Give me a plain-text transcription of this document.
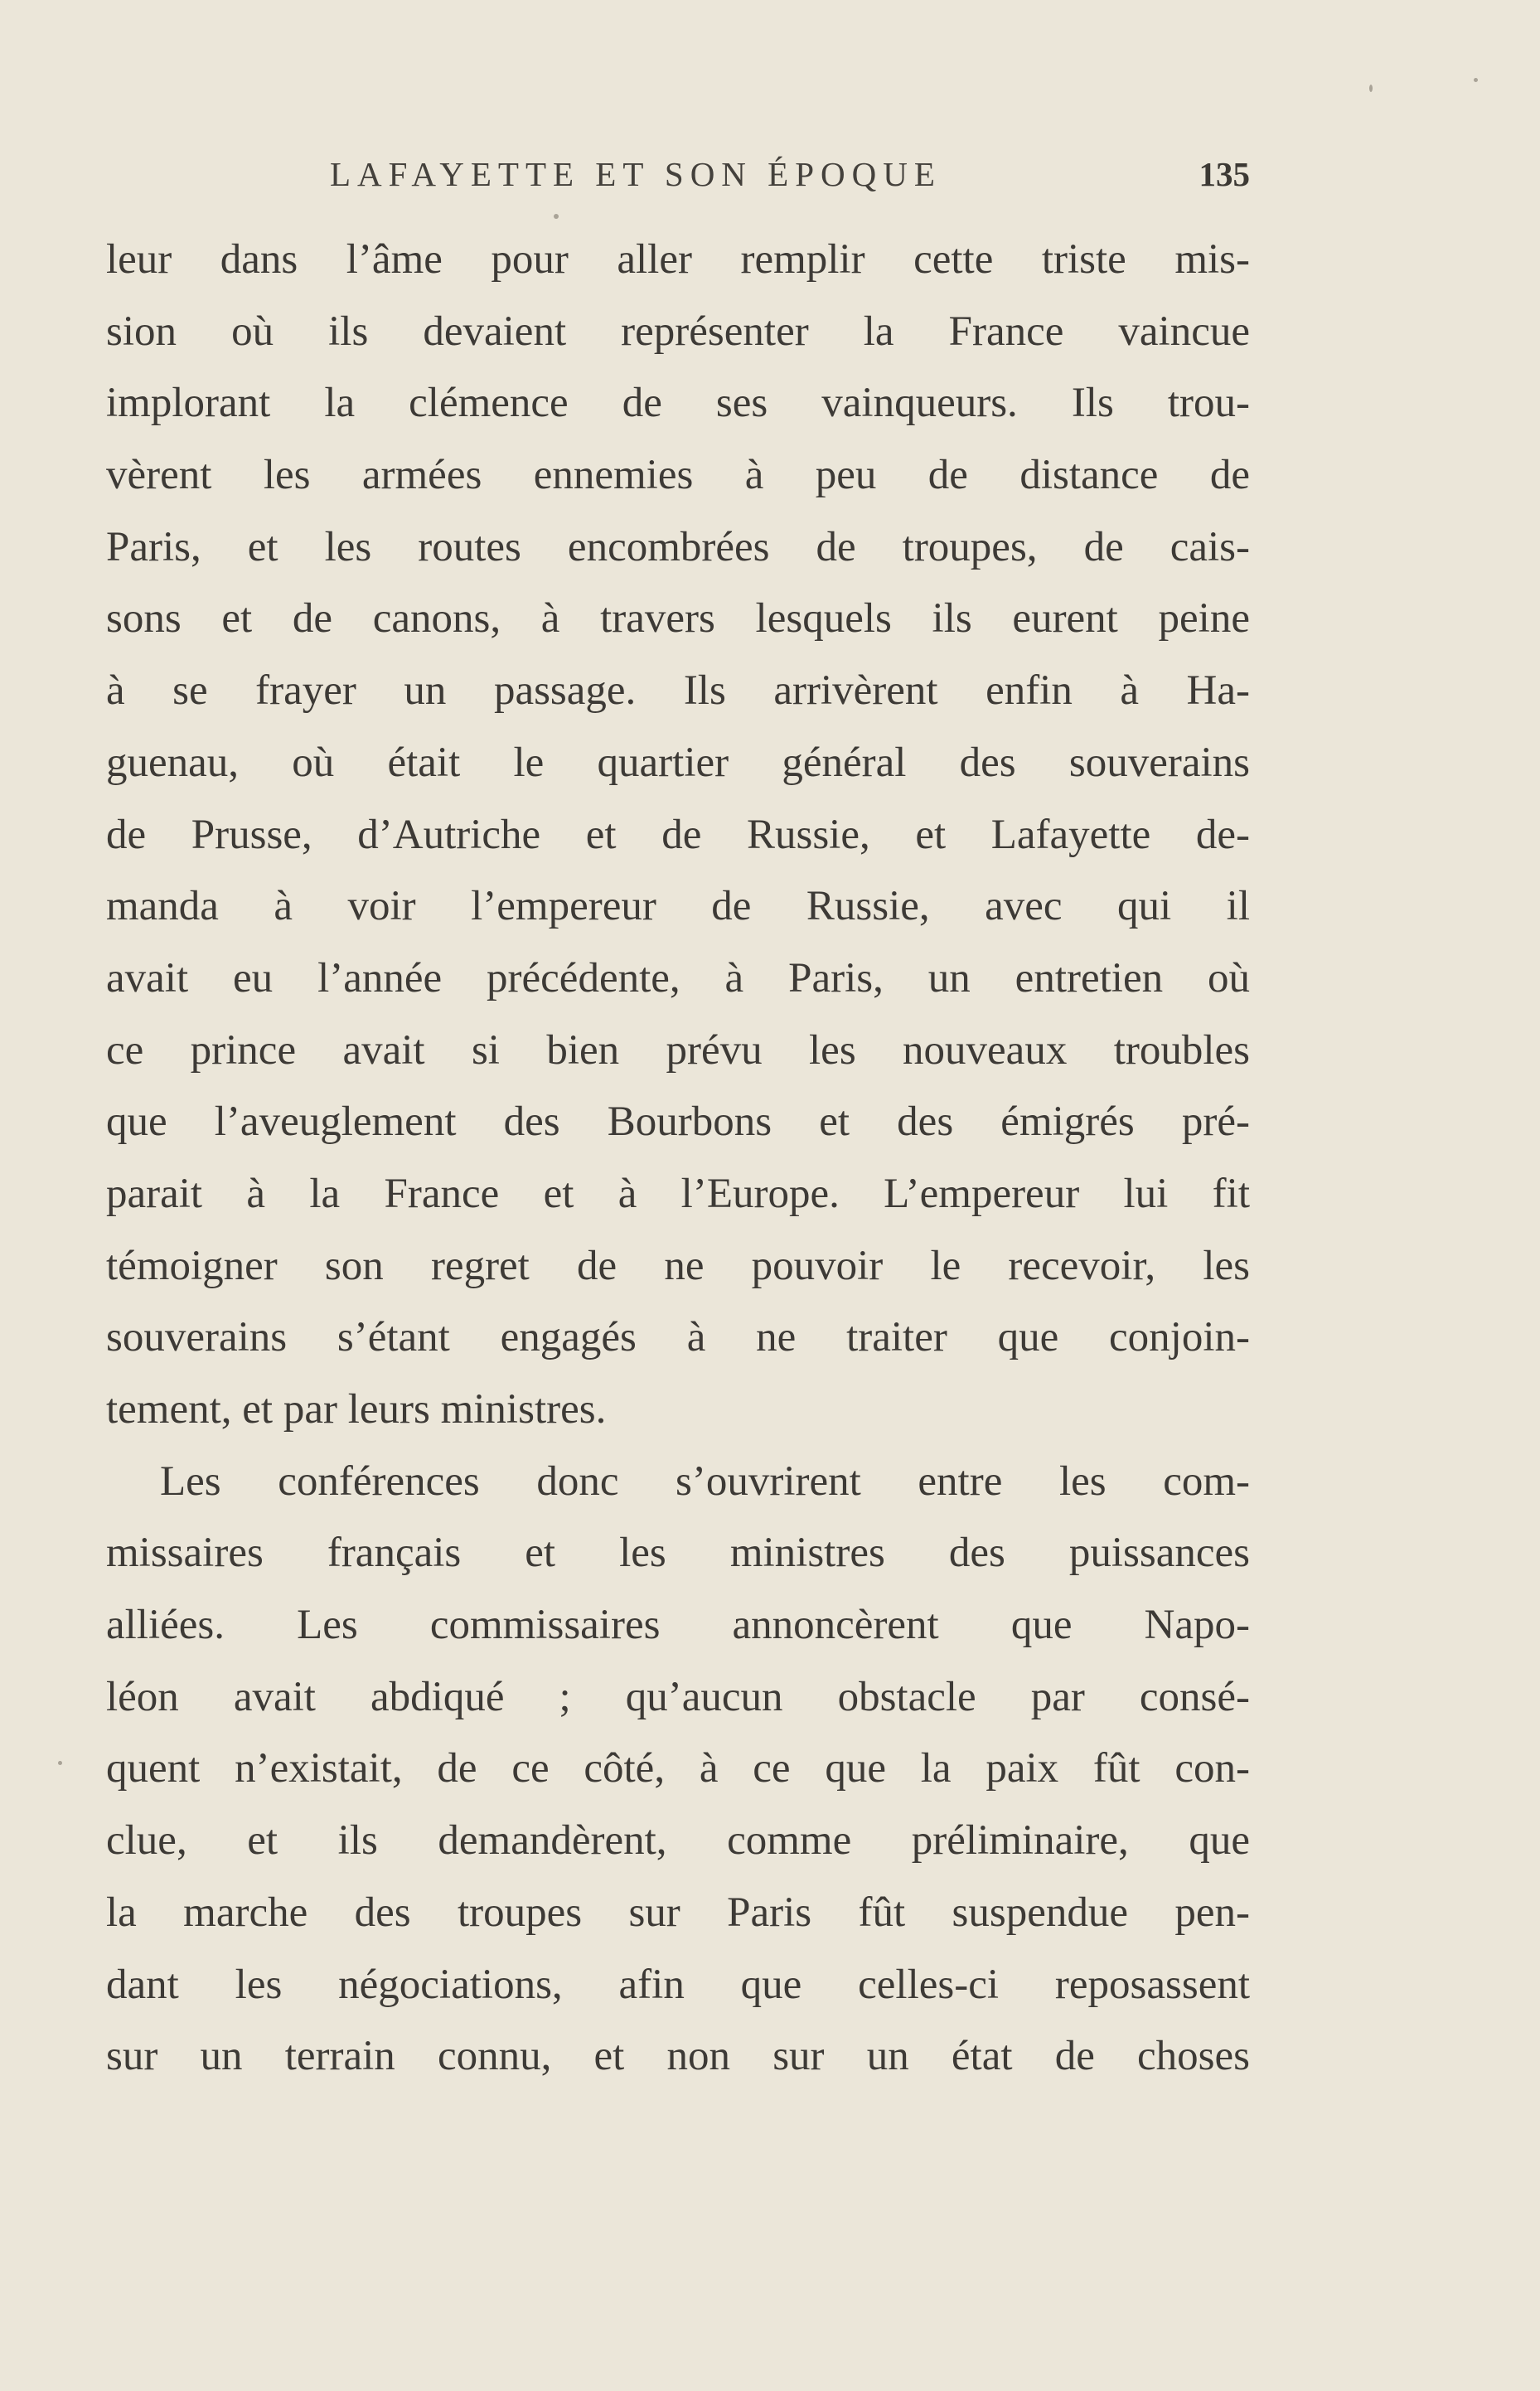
LAFAYETTE ET SON ÉPOQUE	135
leur dans l’âme pour aller remplir cette triste mis-
sion où ils devaient représenter la France vaincue
implorant la clémence de ses vainqueurs. Ils trou-
vèrent les armées ennemies à peu de distance de
Paris, et les routes encombrées de troupes, de cais-
sons et de canons, à travers lesquels ils eurent peine
à se frayer un passage. Ils arrivèrent enfin à Ha-
guenau, où était le quartier général des souverains
de Prusse, d’Autriche et de Russie, et Lafayette de-
manda à voir l’empereur de Russie, avec qui il
avait eu l’année précédente, à Paris, un entretien où
ce prince avait si bien prévu les nouveaux troubles
que l’aveuglement des Bourbons et des émigrés pré-
parait à la France et à l’Europe. L’empereur lui fit
témoigner son regret de ne pouvoir le recevoir, les
souverains s’étant engagés à ne traiter que conjoin-
tement, et par leurs ministres.
Les conférences donc s’ouvrirent entre les com-
missaires français et les ministres des puissances
alliées. Les commissaires annoncèrent que Napo-
léon avait abdiqué ; qu’aucun obstacle par consé-
quent n’existait, de ce côté, à ce que la paix fût con-
clue, et ils demandèrent, comme préliminaire, que
la marche des troupes sur Paris fût suspendue pen-
dant les négociations, afin que celles-ci reposassent
sur un terrain connu, et non sur un état de choses
